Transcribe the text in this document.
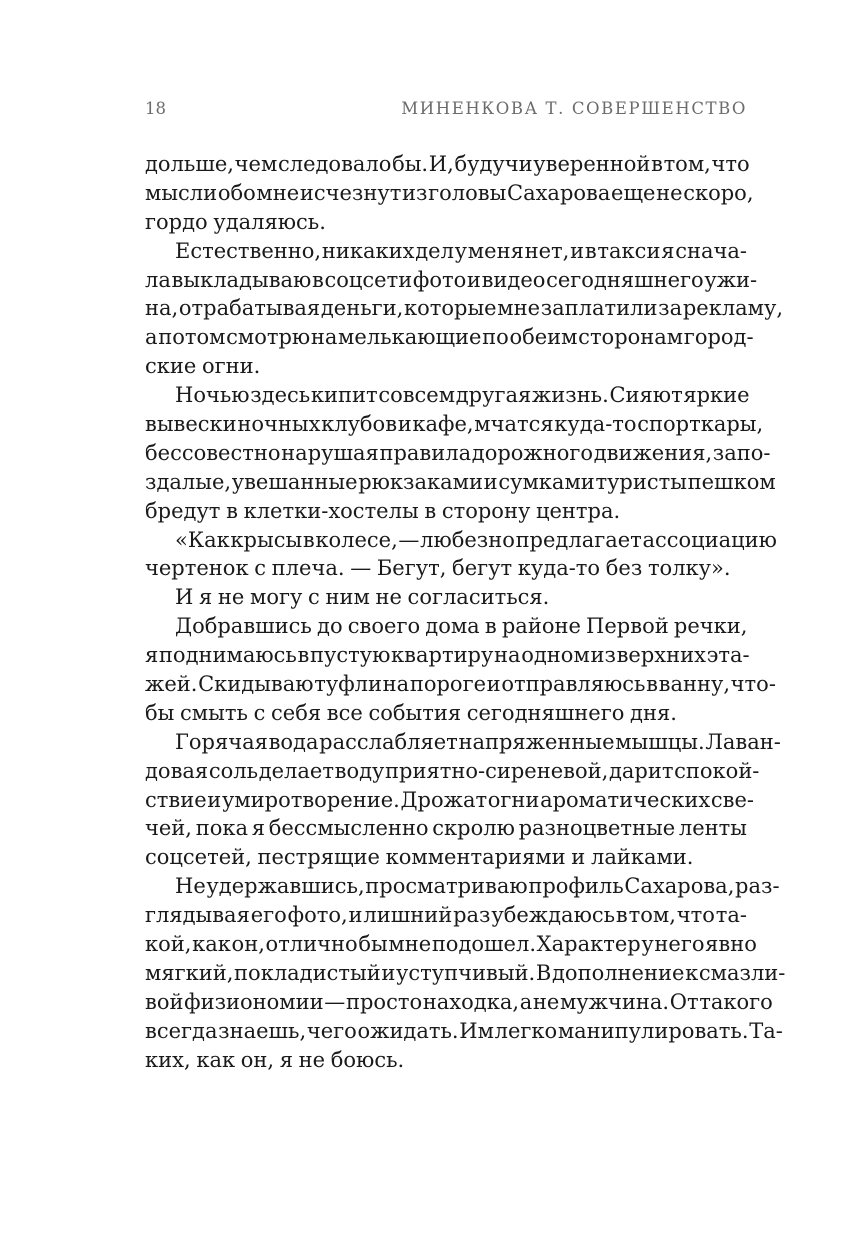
18	МИНЕНКОВА Т. СОВЕРШЕНСТВО
дольше, чем следовало бы. И, будучи уверенной в том, что
мысли обо мне исчезнут из головы Сахарова еще не скоро,
гордо удаляюсь.
Естественно, никаких дел у меня нет, и в такси я снача-
ла выкладываю в соцсети фото и видео сегодняшнего ужи-
на, отрабатывая деньги, которые мне заплатили за рекламу,
а потом смотрю на мелькающие по обеим сторонам город-
ские огни.
Ночью здесь кипит совсем другая жизнь. Сияют яркие
вывески ночных клубов и кафе, мчатся куда-то спорткары,
бессовестно нарушая правила дорожного движения, запо-
здалые, увешанные рюкзаками и сумками туристы пешком
бредут в клетки-хостелы в сторону центра.
«Как крысы в колесе, — любезно предлагает ассоциацию
чертенок с плеча. — Бегут, бегут куда-то без толку».
И я не могу с ним не согласиться.
Добравшись до своего дома в районе Первой речки,
я поднимаюсь в пустую квартиру на одном из верхних эта-
жей. Скидываю туфли на пороге и отправляюсь в ванну, что-
бы смыть с себя все события сегодняшнего дня.
Горячая вода расслабляет напряженные мышцы. Лаван-
довая соль делает воду приятно-сиреневой, дарит спокой-
ствие и умиротворение. Дрожат огни ароматических све-
чей, пока я бессмысленно скролю разноцветные ленты
соцсетей, пестрящие комментариями и лайками.
Не удержавшись, просматриваю профиль Сахарова, раз-
глядывая его фото, и лишний раз убеждаюсь в том, что та-
кой, как он, отлично бы мне подошел. Характер у него явно
мягкий, покладистый и уступчивый. В дополнение к смазли-
вой физиономии — просто находка, а не мужчина. От такого
всегда знаешь, чего ожидать. Им легко манипулировать. Та-
ких, как он, я не боюсь.
